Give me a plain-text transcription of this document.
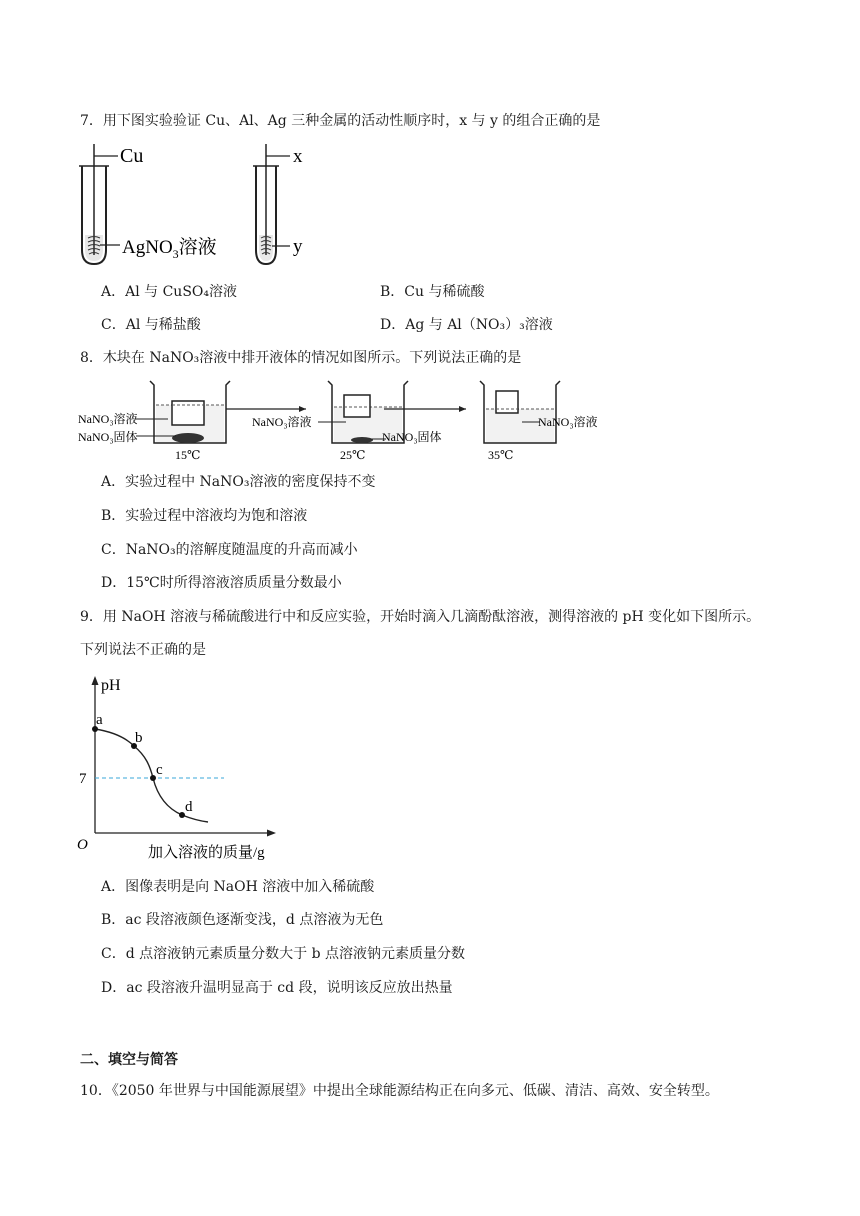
7．用下图实验验证 Cu、Al、Ag 三种金属的活动性顺序时，x 与 y 的组合正确的是
Cu
AgNO$_3$溶液
x
y
A．Al 与 CuSO₄溶液	B．Cu 与稀硫酸
C．Al 与稀盐酸	D．Ag 与 Al（NO₃）₃溶液
8．木块在 NaNO₃溶液中排开液体的情况如图所示。下列说法正确的是
NaNO₃溶液
NaNO₃固体
15℃
NaNO₃溶液
NaNO₃固体
25℃
NaNO₃溶液
35℃
A．实验过程中 NaNO₃溶液的密度保持不变
B．实验过程中溶液均为饱和溶液
C．NaNO₃的溶解度随温度的升高而减小
D．15℃时所得溶液溶质质量分数最小
9．用 NaOH 溶液与稀硫酸进行中和反应实验，开始时滴入几滴酚酞溶液，测得溶液的 pH 变化如下图所示。
下列说法不正确的是
pH
a
b
c
d
7
O	加入溶液的质量/g
A．图像表明是向 NaOH 溶液中加入稀硫酸
B．ac 段溶液颜色逐渐变浅，d 点溶液为无色
C．d 点溶液钠元素质量分数大于 b 点溶液钠元素质量分数
D．ac 段溶液升温明显高于 cd 段，说明该反应放出热量
二、填空与简答
10．《2050 年世界与中国能源展望》中提出全球能源结构正在向多元、低碳、清洁、高效、安全转型。
